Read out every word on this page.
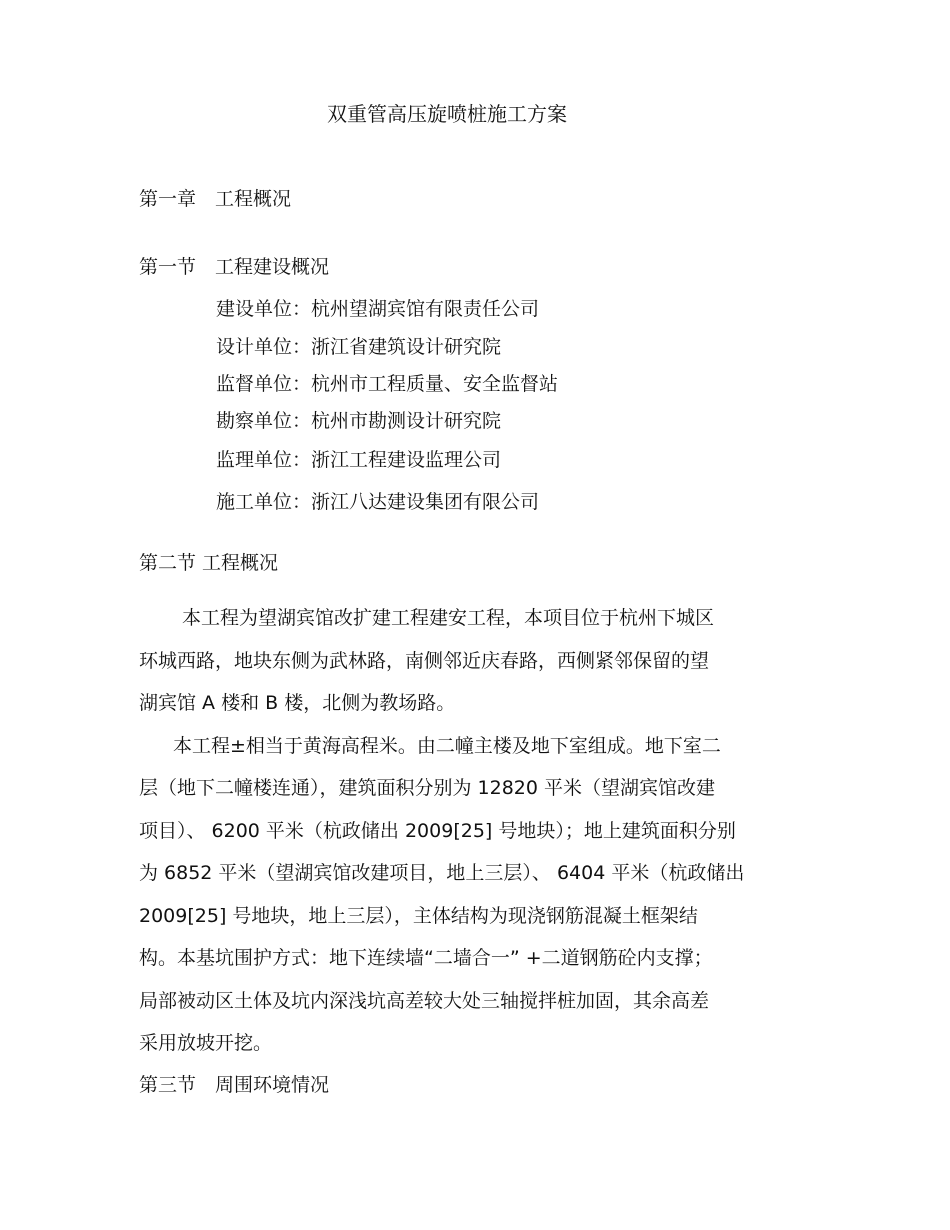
双重管高压旋喷桩施工方案
第一章　工程概况
第一节　工程建设概况
建设单位：杭州望湖宾馆有限责任公司
设计单位：浙江省建筑设计研究院
监督单位：杭州市工程质量、安全监督站
勘察单位：杭州市勘测设计研究院
监理单位：浙江工程建设监理公司
施工单位：浙江八达建设集团有限公司
第二节 工程概况
本工程为望湖宾馆改扩建工程建安工程，本项目位于杭州下城区
环城西路，地块东侧为武林路，南侧邻近庆春路，西侧紧邻保留的望
湖宾馆 A 楼和 B 楼，北侧为教场路。
本工程±相当于黄海高程米。由二幢主楼及地下室组成。地下室二
层（地下二幢楼连通），建筑面积分别为 12820 平米（望湖宾馆改建
项目）、 6200 平米（杭政储出 2009[25] 号地块）；地上建筑面积分别
为 6852 平米（望湖宾馆改建项目，地上三层）、 6404 平米（杭政储出
2009[25] 号地块，地上三层），主体结构为现浇钢筋混凝土框架结
构。本基坑围护方式：地下连续墙“二墙合一” +二道钢筋砼内支撑；
局部被动区土体及坑内深浅坑高差较大处三轴搅拌桩加固，其余高差
采用放坡开挖。
第三节　周围环境情况
